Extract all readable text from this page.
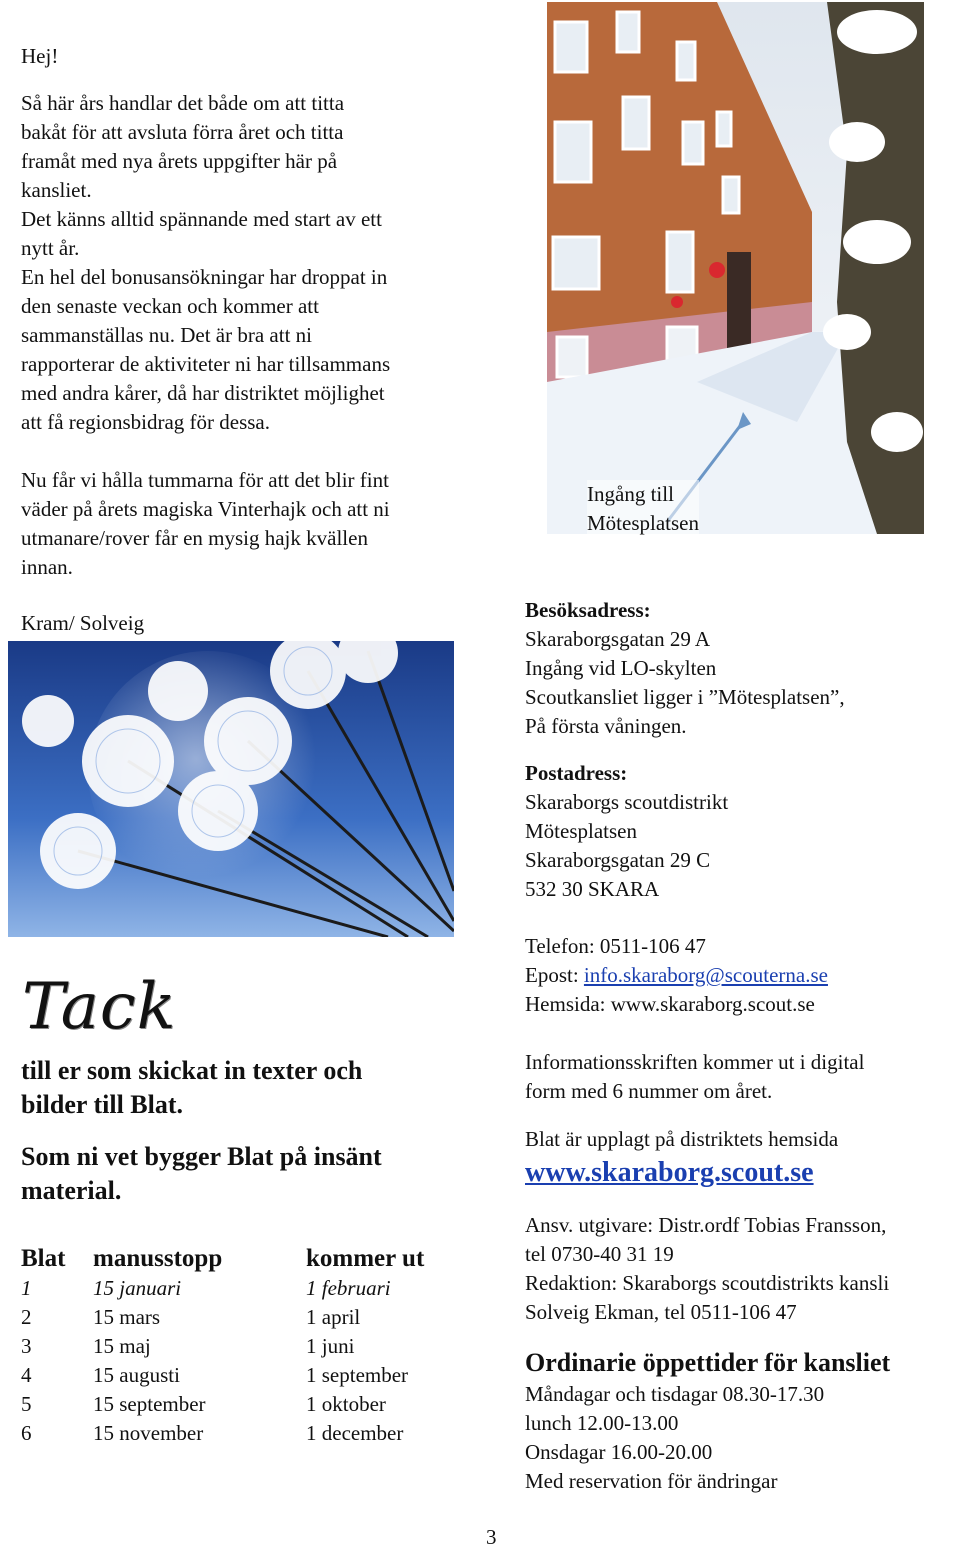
Hej!
Så här års handlar det både om att titta
bakåt för att avsluta förra året och titta
framåt med nya årets uppgifter här på
kansliet.
Det känns alltid spännande med start av ett
nytt år.
En hel del bonusansökningar har droppat in
den senaste veckan och kommer att
sammanställas nu. Det är bra att ni
rapporterar de aktiviteter ni har tillsammans
med andra kårer, då har distriktet möjlighet
att få regionsbidrag för dessa.
Nu får vi hålla tummarna för att det blir fint
väder på årets magiska Vinterhajk och att ni
utmanare/rover får en mysig hajk kvällen
innan.
Kram/ Solveig
Tack
till er som skickat in texter och
bilder till Blat.
Som ni vet bygger Blat på insänt
material.
Blat	manusstopp	kommer ut
1	15 januari	1 februari
2	15 mars	1 april
3	15 maj	1 juni
4	15 augusti	1 september
5	15 september	1 oktober
6	15 november	1 december
Ingång till
Mötesplatsen
Besöksadress:
Skaraborgsgatan 29 A
Ingång vid LO-skylten
Scoutkansliet ligger i ”Mötesplatsen”,
På första våningen.
Postadress:
Skaraborgs scoutdistrikt
Mötesplatsen
Skaraborgsgatan 29 C
532 30 SKARA
Telefon: 0511-106 47
Epost: info.skaraborg@scouterna.se
Hemsida: www.skaraborg.scout.se
Informationsskriften kommer ut i digital
form med 6 nummer om året.
Blat är upplagt på distriktets hemsida
www.skaraborg.scout.se
Ansv. utgivare: Distr.ordf Tobias Fransson,
tel 0730-40 31 19
Redaktion: Skaraborgs scoutdistrikts kansli
Solveig Ekman, tel 0511-106 47
Ordinarie öppettider för kansliet
Måndagar och tisdagar 08.30-17.30
lunch 12.00-13.00
Onsdagar 16.00-20.00
Med reservation för ändringar
3
